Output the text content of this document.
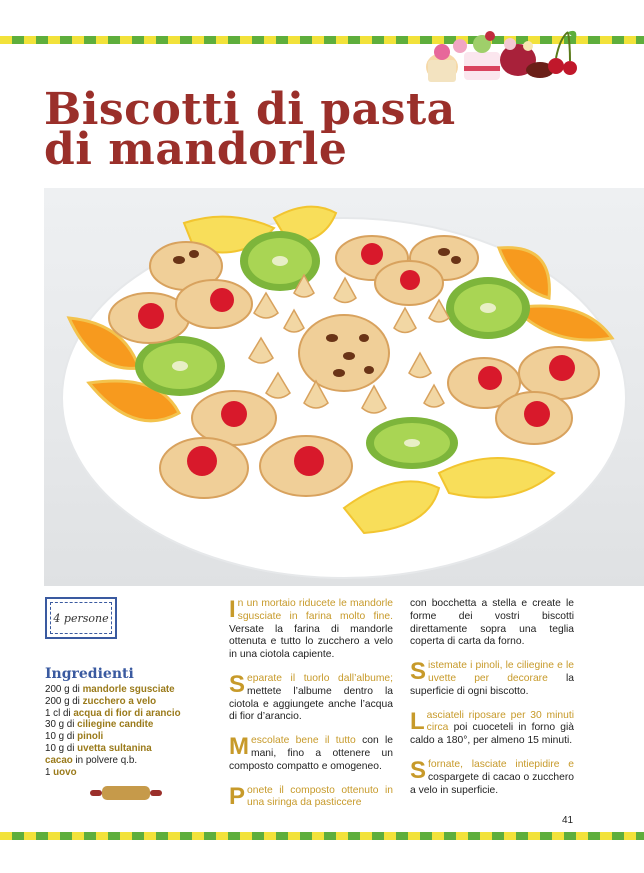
Biscotti di pasta
di mandorle
4 persone
Ingredienti
200 g di mandorle sgusciate
200 g di zucchero a velo
1 cl di acqua di fior di arancio
30 g di ciliegine candite
10 g di pinoli
10 g di uvetta sultanina
cacao in polvere q.b.
1 uovo

In un mortaio riducete le mandorle sgusciate in farina molto fine. Versate la farina di mandorle ottenuta e tutto lo zucchero a velo in una ciotola capiente.

Separate il tuorlo dall’albume; mettete l’albume dentro la ciotola e aggiungete anche l’acqua di fior d’arancio.

Mescolate bene il tutto con le mani, fino a ottenere un composto compatto e omogeneo.

Ponete il composto ottenuto in una siringa da pasticcere

con bocchetta a stella e create le forme dei vostri biscotti direttamente sopra una teglia coperta di carta da forno.

Sistemate i pinoli, le ciliegine e le uvette per decorare la superficie di ogni biscotto.

Lasciateli riposare per 30 minuti circa poi cuoceteli in forno già caldo a 180°, per almeno 15 minuti.

Sfornate, lasciate intiepidire e cospargete di cacao o zucchero a velo in superficie.

41
